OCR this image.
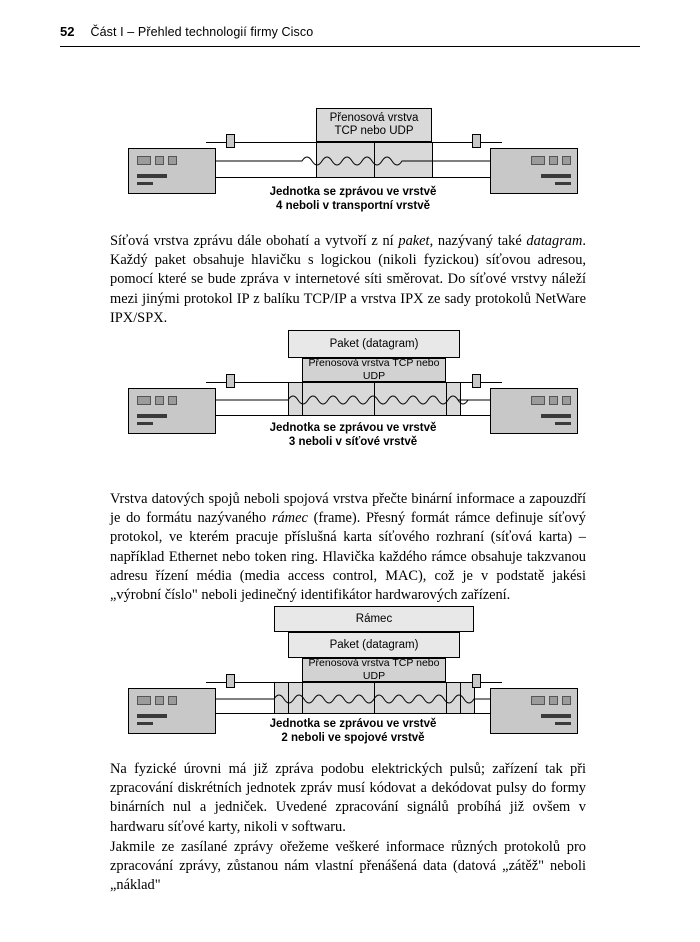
52 Část I – Přehled technologií firmy Cisco
Přenosová vrstva
TCP nebo UDP
Jednotka se zprávou ve vrstvě
4 neboli v transportní vrstvě
Síťová vrstva zprávu dále obohatí a vytvoří z ní paket, nazývaný také datagram. Každý paket obsahuje hlavičku s logickou (nikoli fyzickou) síťovou adresou, pomocí které se bude zpráva v internetové síti směrovat. Do síťové vrstvy náleží mezi jinými protokol IP z balíku TCP/IP a vrstva IPX ze sady protokolů NetWare IPX/SPX.
Paket (datagram)
Přenosová vrstva TCP nebo UDP
Jednotka se zprávou ve vrstvě
3 neboli v síťové vrstvě
Vrstva datových spojů neboli spojová vrstva přečte binární informace a zapouzdří je do formátu nazývaného rámec (frame). Přesný formát rámce definuje síťový protokol, ve kterém pracuje příslušná karta síťového rozhraní (síťová karta) – například Ethernet nebo token ring. Hlavička každého rámce obsahuje takzvanou adresu řízení média (media access control, MAC), což je v podstatě jakési „výrobní číslo" neboli jedinečný identifikátor hardwarových zařízení.
Rámec
Paket (datagram)
Přenosová vrstva TCP nebo UDP
Jednotka se zprávou ve vrstvě
2 neboli ve spojové vrstvě
Na fyzické úrovni má již zpráva podobu elektrických pulsů; zařízení tak při zpracování diskrétních jednotek zpráv musí kódovat a dekódovat pulsy do formy binárních nul a jedniček. Uvedené zpracování signálů probíhá již ovšem v hardwaru síťové karty, nikoli v softwaru.
Jakmile ze zasílané zprávy ořežeme veškeré informace různých protokolů pro zpracování zprávy, zůstanou nám vlastní přenášená data (datová „zátěž" neboli „náklad"
